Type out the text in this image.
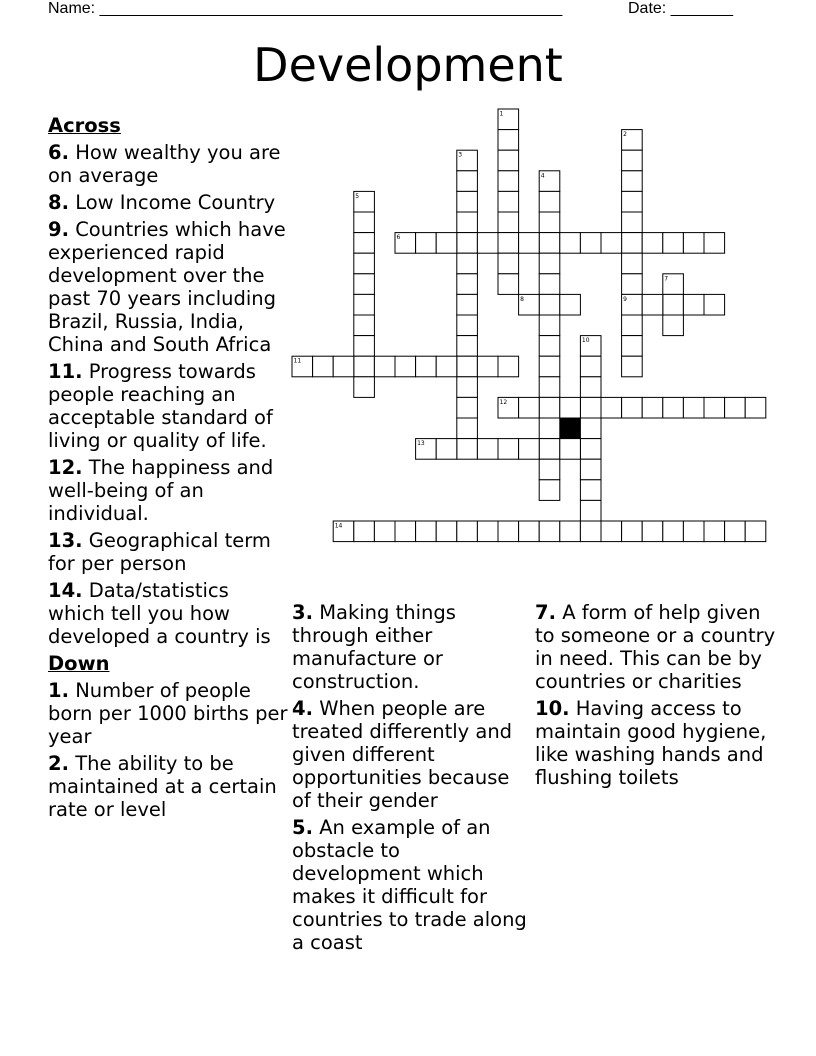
Name: ____________________________________________________	Date: _______
Development
1
2
3
4
5
6
7
8	9
10
11
12
13
14
Across
6. How wealthy you are on average
8. Low Income Country
9. Countries which have experienced rapid development over the past 70 years including Brazil, Russia, India, China and South Africa
11. Progress towards people reaching an acceptable standard of living or quality of life.
12. The happiness and well-being of an individual.
13. Geographical term for per person
14. Data/statistics which tell you how developed a country is
Down
1. Number of people born per 1000 births per year
2. The ability to be maintained at a certain rate or level
3. Making things through either manufacture or construction.
4. When people are treated differently and given different opportunities because of their gender
5. An example of an obstacle to development which makes it difficult for countries to trade along a coast
7. A form of help given to someone or a country in need. This can be by countries or charities
10. Having access to maintain good hygiene, like washing hands and flushing toilets
